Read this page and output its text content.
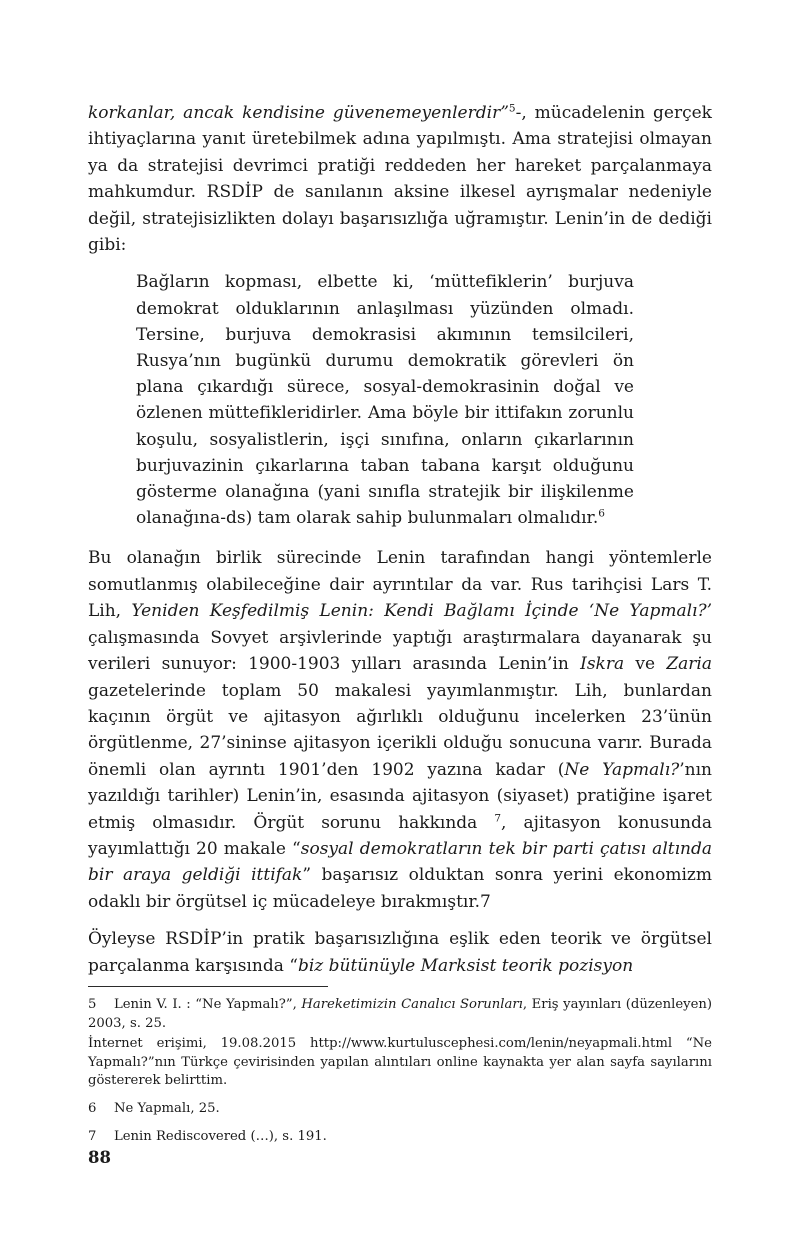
korkanlar, ancak kendisine güvenemeyenlerdir”$^5$-, mücadelenin gerçek ihtiyaçlarına yanıt üretebilmek adına yapılmıştı. Ama stratejisi olmayan ya da stratejisi devrimci pratiği reddeden her hareket parçalanmaya mahkumdur. RSDİP de sanılanın aksine ilkesel ayrışmalar nedeniyle değil, stratejisizlikten dolayı başarısızlığa uğramıştır. Lenin’in de dediği gibi:

Bağların kopması, elbette ki, ‘müttefiklerin’ burjuva demokrat olduklarının anlaşılması yüzünden olmadı. Tersine, burjuva demokrasisi akımının temsilcileri, Rusya’nın bugünkü durumu demokratik görevleri ön plana çıkardığı sürece, sosyal-demokrasinin doğal ve özlenen müttefikleridirler. Ama böyle bir ittifakın zorunlu koşulu, sosyalistlerin, işçi sınıfına, onların çıkarlarının burjuvazinin çıkarlarına taban tabana karşıt olduğunu gösterme olanağına (yani sınıfla stratejik bir ilişkilenme olanağına-ds) tam olarak sahip bulunmaları olmalıdır.$^6$

Bu olanağın birlik sürecinde Lenin tarafından hangi yöntemlerle somutlanmış olabileceğine dair ayrıntılar da var. Rus tarihçisi Lars T. Lih, Yeniden Keşfedilmiş Lenin: Kendi Bağlamı İçinde ‘Ne Yapmalı?’ çalışmasında Sovyet arşivlerinde yaptığı araştırmalara dayanarak şu verileri sunuyor: 1900-1903 yılları arasında Lenin’in Iskra ve Zaria gazetelerinde toplam 50 makalesi yayımlanmıştır. Lih, bunlardan kaçının örgüt ve ajitasyon ağırlıklı olduğunu incelerken 23’ünün örgütlenme, 27’sininse ajitasyon içerikli olduğu sonucuna varır. Burada önemli olan ayrıntı 1901’den 1902 yazına kadar (Ne Yapmalı?’nın yazıldığı tarihler) Lenin’in, esasında ajitasyon (siyaset) pratiğine işaret etmiş olmasıdır. Örgüt sorunu hakkında $^7$, ajitasyon konusunda yayımlattığı 20 makale “sosyal demokratların tek bir parti çatısı altında bir araya geldiği ittifak” başarısız olduktan sonra yerini ekonomizm odaklı bir örgütsel iç mücadeleye bırakmıştır.7

Öyleyse RSDİP’in pratik başarısızlığına eşlik eden teorik ve örgütsel parçalanma karşısında “biz bütünüyle Marksist teorik pozisyon

5 Lenin V. I. : “Ne Yapmalı?”, Hareketimizin Canalıcı Sorunları, Eriş yayınları (düzenleyen) 2003, s. 25.

İnternet erişimi, 19.08.2015 http://www.kurtuluscephesi.com/lenin/neyapmali.html “Ne Yapmalı?”nın Türkçe çevirisinden yapılan alıntıları online kaynakta yer alan sayfa sayılarını göstererek belirttim.

6 Ne Yapmalı, 25.

7 Lenin Rediscovered (…), s. 191.

88
